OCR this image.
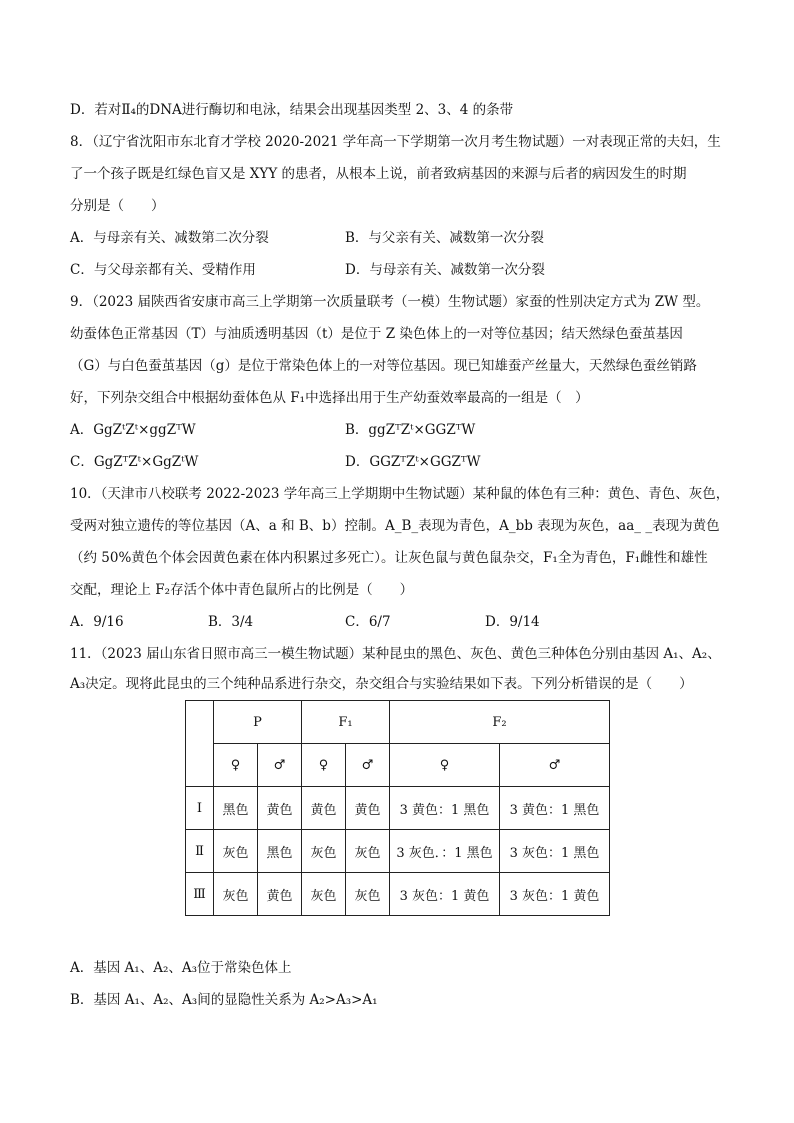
D．若对Ⅱ₄的DNA进行酶切和电泳，结果会出现基因类型 2、3、4 的条带
8．（辽宁省沈阳市东北育才学校 2020-2021 学年高一下学期第一次月考生物试题）一对表现正常的夫妇，生
了一个孩子既是红绿色盲又是 XYY 的患者，从根本上说，前者致病基因的来源与后者的病因发生的时期
分别是（　　）
A．与母亲有关、减数第二次分裂	B．与父亲有关、减数第一次分裂
C．与父母亲都有关、受精作用	D．与母亲有关、减数第一次分裂
9．（2023 届陕西省安康市高三上学期第一次质量联考（一模）生物试题）家蚕的性别决定方式为 ZW 型。
幼蚕体色正常基因（T）与油质透明基因（t）是位于 Z 染色体上的一对等位基因；结天然绿色蚕茧基因
（G）与白色蚕茧基因（g）是位于常染色体上的一对等位基因。现已知雄蚕产丝量大，天然绿色蚕丝销路
好，下列杂交组合中根据幼蚕体色从 F₁中选择出用于生产幼蚕效率最高的一组是（　）
A．GgZᵗZᵗ×ggZᵀW	B．ggZᵀZᵗ×GGZᵀW
C．GgZᵀZᵗ×GgZᵗW	D．GGZᵀZᵗ×GGZᵀW
10．（天津市八校联考 2022-2023 学年高三上学期期中生物试题）某种鼠的体色有三种：黄色、青色、灰色，
受两对独立遗传的等位基因（A、a 和 B、b）控制。A_B_表现为青色，A_bb 表现为灰色，aa_ _表现为黄色
（约 50%黄色个体会因黄色素在体内积累过多死亡）。让灰色鼠与黄色鼠杂交，F₁全为青色，F₁雌性和雄性
交配，理论上 F₂存活个体中青色鼠所占的比例是（　　）
A．9/16	B．3/4	C．6/7	D．9/14
11．（2023 届山东省日照市高三一模生物试题）某种昆虫的黑色、灰色、黄色三种体色分别由基因 A₁、A₂、
A₃决定。现将此昆虫的三个纯种品系进行杂交，杂交组合与实验结果如下表。下列分析错误的是（　　）
	P		F₁		F₂	
	♀	♂	♀	♂	♀	♂
Ⅰ	黑色	黄色	黄色	黄色	3 黄色：1 黑色	3 黄色：1 黑色
Ⅱ	灰色	黑色	灰色	灰色	3 灰色．：1 黑色	3 灰色：1 黑色
Ⅲ	灰色	黄色	灰色	灰色	3 灰色：1 黄色	3 灰色：1 黄色
A．基因 A₁、A₂、A₃位于常染色体上
B．基因 A₁、A₂、A₃间的显隐性关系为 A₂>A₃>A₁
